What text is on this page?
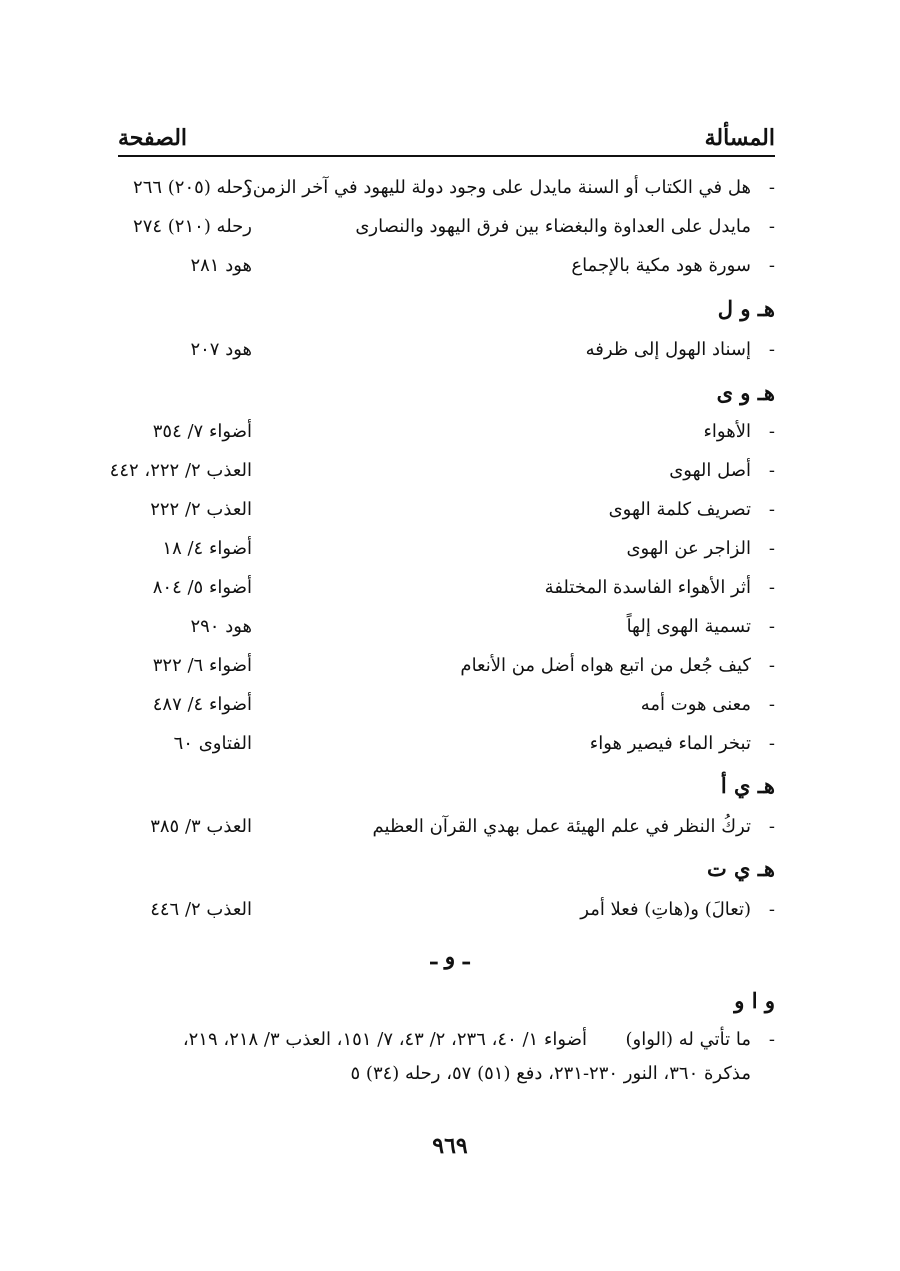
المسألة
الصفحة
-
هل في الكتاب أو السنة مايدل على وجود دولة لليهود في آخر الزمن؟
رحله (٢٠٥) ٢٦٦
-
مايدل على العداوة والبغضاء بين فرق اليهود والنصارى
رحله (٢١٠) ٢٧٤
-
سورة هود مكية بالإجماع
هود ٢٨١
هـ و ل
-
إسناد الهول إلى ظرفه
هود ٢٠٧
هـ و ى
-
الأهواء
أضواء ٧/ ٣٥٤
-
أصل الهوى
العذب ٢/ ٢٢٢، ٤٤٢
-
تصريف كلمة الهوى
العذب ٢/ ٢٢٢
-
الزاجر عن الهوى
أضواء ٤/ ١٨
-
أثر الأهواء الفاسدة المختلفة
أضواء ٥/ ٨٠٤
-
تسمية الهوى إلهاً
هود ٢٩٠
-
كيف جُعل من اتبع هواه أضل من الأنعام
أضواء ٦/ ٣٢٢
-
معنى هوت أمه
أضواء ٤/ ٤٨٧
-
تبخر الماء فيصير هواء
الفتاوى ٦٠
هـ ي أ
-
تركُ النظر في علم الهيئة عمل بهدي القرآن العظيم
العذب ٣/ ٣٨٥
هـ ي ت
-
(تعالَ) و(هاتِ) فعلا أمر
العذب ٢/ ٤٤٦
ـ و ـ
و ا و
-
ما تأتي له (الواو)
أضواء ١/ ٤٠، ٢٣٦، ٢/ ٤٣، ٧/ ١٥١، العذب ٣/ ٢١٨، ٢١٩،
مذكرة ٣٦٠، النور ٢٣٠-٢٣١، دفع (٥١) ٥٧، رحله (٣٤) ٥
٩٦٩
